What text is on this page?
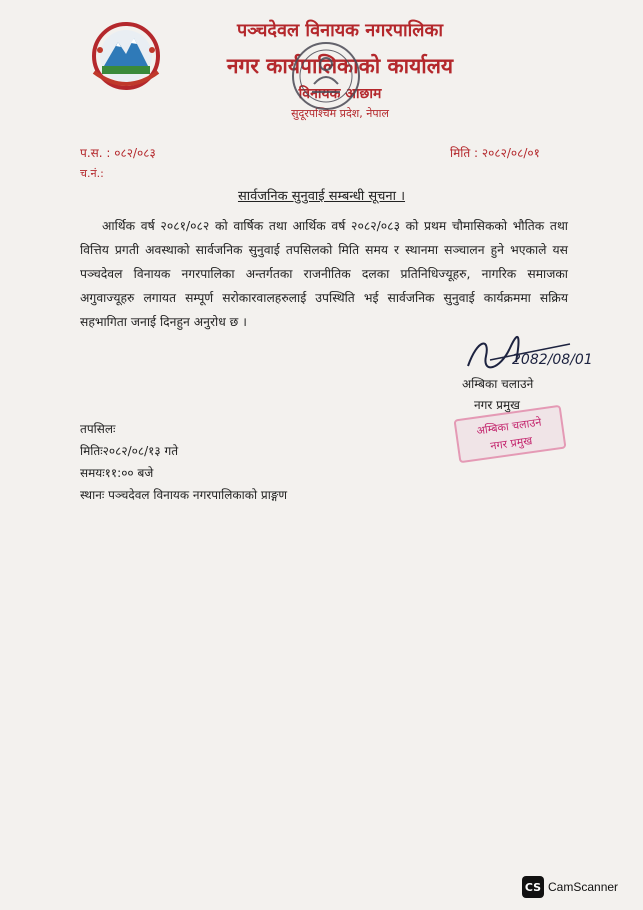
पञ्चदेवल विनायक नगरपालिका
नगर कार्यपालिकाको कार्यालय
विनायक आछाम
सुदूरपश्चिम प्रदेश, नेपाल
प.स. : ०८२/०८३	मिति : २०८२/०८/०१
च.नं.:
सार्वजनिक सुनुवाई सम्बन्धी सूचना ।
आर्थिक वर्ष २०८१/०८२ को वार्षिक तथा आर्थिक वर्ष २०८२/०८३ को प्रथम चौमासिकको भौतिक तथा वित्तिय प्रगती अवस्थाको सार्वजनिक सुनुवाई तपसिलको मिति समय र स्थानमा सञ्चालन हुने भएकाले यस पञ्चदेवल विनायक नगरपालिका अन्तर्गतका राजनीतिक दलका प्रतिनिधिज्यूहरु, नागरिक समाजका अगुवाज्यूहरु लगायत सम्पूर्ण सरोकारवालहरुलाई उपस्थिति भई सार्वजनिक सुनुवाई कार्यक्रममा सक्रिय सहभागिता जनाई दिनहुन अनुरोध छ ।
2082/08/01
अम्बिका चलाउने
नगर प्रमुख
अम्बिका चलाउने
नगर प्रमुख
तपसिलः
मितिः२०८२/०८/१३ गते
समयः११:०० बजे
स्थानः पञ्चदेवल विनायक नगरपालिकाको प्राङ्गण
CS CamScanner
